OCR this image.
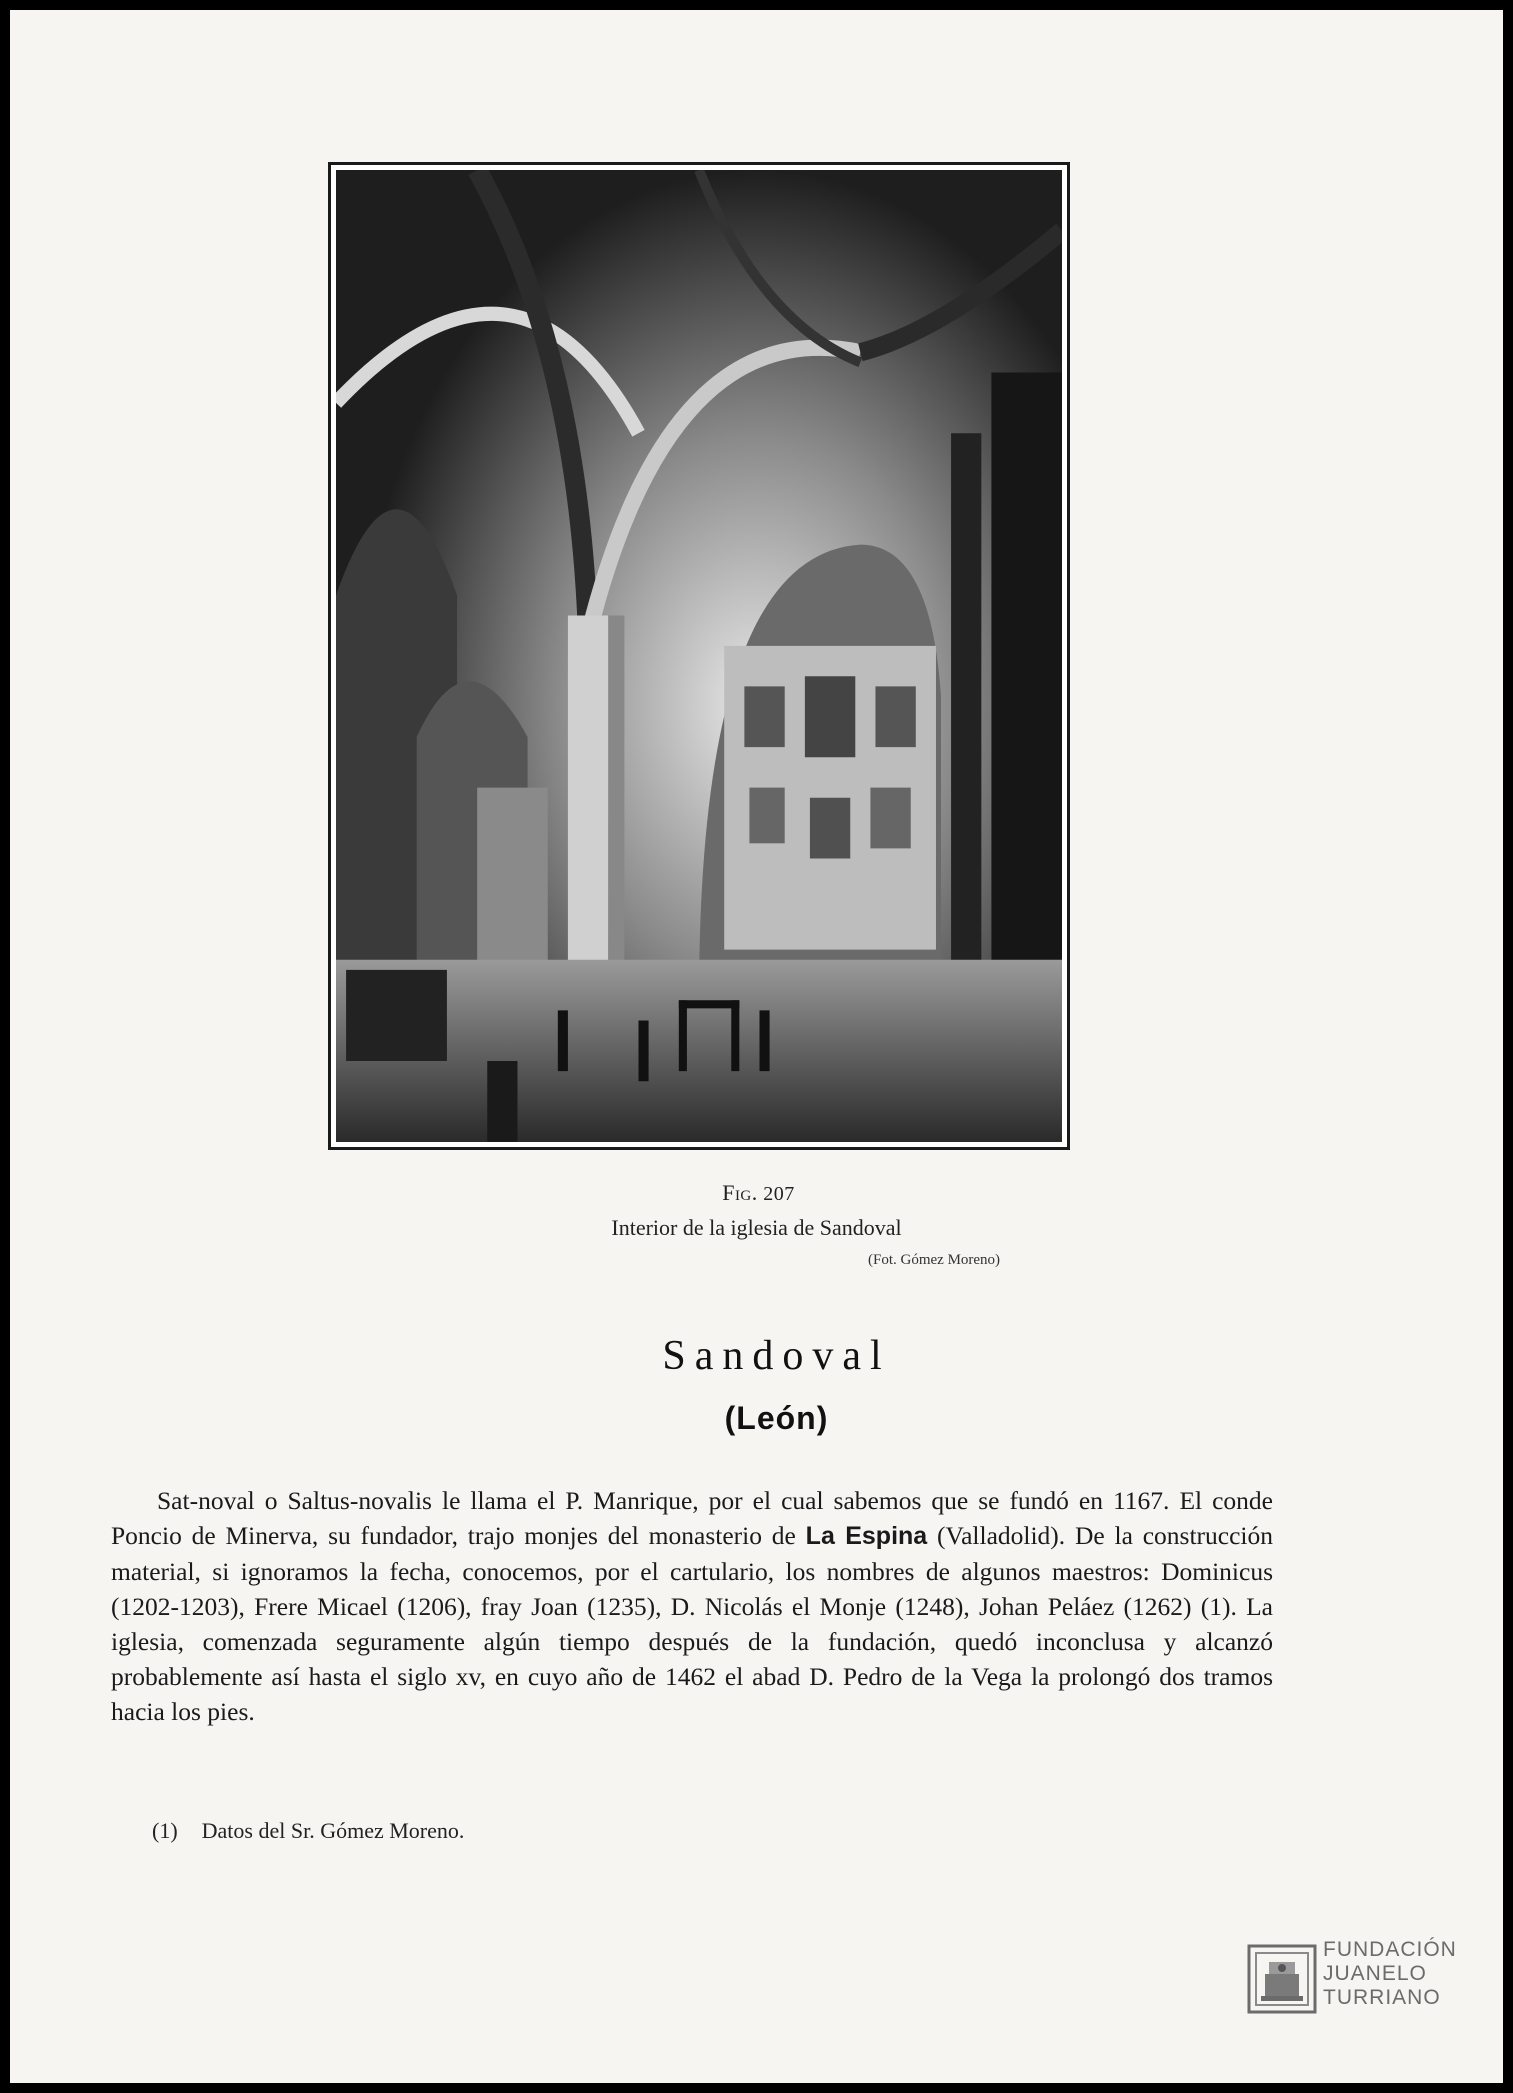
Fig. 207
Interior de la iglesia de Sandoval
(Fot. Gómez Moreno)
Sandoval
(León)

Sat-noval o Saltus-novalis le llama el P. Manrique, por el cual sabemos que se fundó en 1167. El conde Poncio de Minerva, su fundador, trajo monjes del monasterio de La Espina (Valladolid). De la construcción material, si ignoramos la fecha, conocemos, por el cartulario, los nombres de algunos maestros: Dominicus (1202-1203), Frere Micael (1206), fray Joan (1235), D. Nicolás el Monje (1248), Johan Peláez (1262) (1). La iglesia, comenzada seguramente algún tiempo después de la fundación, quedó inconclusa y alcanzó probablemente así hasta el siglo xv, en cuyo año de 1462 el abad D. Pedro de la Vega la prolongó dos tramos hacia los pies.

(1) Datos del Sr. Gómez Moreno.
FUNDACIÓN
JUANELO
TURRIANO
